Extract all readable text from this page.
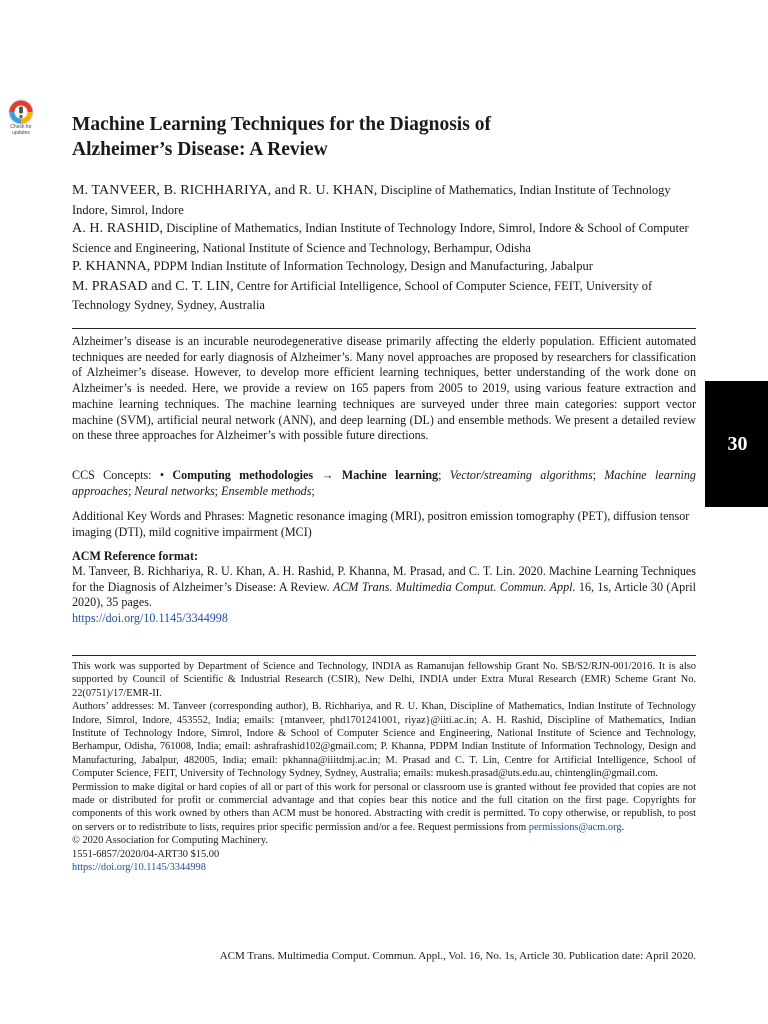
Check for
updates
30
Machine Learning Techniques for the Diagnosis of
Alzheimer’s Disease: A Review

M. TANVEER, B. RICHHARIYA, and R. U. KHAN, Discipline of Mathematics, Indian Institute of Technology Indore, Simrol, Indore

A. H. RASHID, Discipline of Mathematics, Indian Institute of Technology Indore, Simrol, Indore & School of Computer Science and Engineering, National Institute of Science and Technology, Berhampur, Odisha

P. KHANNA, PDPM Indian Institute of Information Technology, Design and Manufacturing, Jabalpur

M. PRASAD and C. T. LIN, Centre for Artificial Intelligence, School of Computer Science, FEIT, University of Technology Sydney, Sydney, Australia

Alzheimer’s disease is an incurable neurodegenerative disease primarily affecting the elderly population. Efficient automated techniques are needed for early diagnosis of Alzheimer’s. Many novel approaches are proposed by researchers for classification of Alzheimer’s disease. However, to develop more efficient learning techniques, better understanding of the work done on Alzheimer’s is needed. Here, we provide a review on 165 papers from 2005 to 2019, using various feature extraction and machine learning techniques. The machine learning techniques are surveyed under three main categories: support vector machine (SVM), artificial neural network (ANN), and deep learning (DL) and ensemble methods. We present a detailed review on these three approaches for Alzheimer’s with possible future directions.

CCS Concepts: • Computing methodologies → Machine learning; Vector/streaming algorithms; Machine learning approaches; Neural networks; Ensemble methods;

Additional Key Words and Phrases: Magnetic resonance imaging (MRI), positron emission tomography (PET), diffusion tensor imaging (DTI), mild cognitive impairment (MCI)

ACM Reference format:

M. Tanveer, B. Richhariya, R. U. Khan, A. H. Rashid, P. Khanna, M. Prasad, and C. T. Lin. 2020. Machine Learning Techniques for the Diagnosis of Alzheimer’s Disease: A Review. ACM Trans. Multimedia Comput. Commun. Appl. 16, 1s, Article 30 (April 2020), 35 pages.
https://doi.org/10.1145/3344998

This work was supported by Department of Science and Technology, INDIA as Ramanujan fellowship Grant No. SB/S2/RJN-001/2016. It is also supported by Council of Scientific & Industrial Research (CSIR), New Delhi, INDIA under Extra Mural Research (EMR) Scheme Grant No. 22(0751)/17/EMR-II.

Authors’ addresses: M. Tanveer (corresponding author), B. Richhariya, and R. U. Khan, Discipline of Mathematics, Indian Institute of Technology Indore, Simrol, Indore, 453552, India; emails: {mtanveer, phd1701241001, riyaz}@iiti.ac.in; A. H. Rashid, Discipline of Mathematics, Indian Institute of Technology Indore, Simrol, Indore & School of Computer Science and Engineering, National Institute of Science and Technology, Berhampur, Odisha, 761008, India; email: ashrafrashid102@gmail.com; P. Khanna, PDPM Indian Institute of Information Technology, Design and Manufacturing, Jabalpur, 482005, India; email: pkhanna@iiitdmj.ac.in; M. Prasad and C. T. Lin, Centre for Artificial Intelligence, School of Computer Science, FEIT, University of Technology Sydney, Sydney, Australia; emails: mukesh.prasad@uts.edu.au, chintenglin@gmail.com.

Permission to make digital or hard copies of all or part of this work for personal or classroom use is granted without fee provided that copies are not made or distributed for profit or commercial advantage and that copies bear this notice and the full citation on the first page. Copyrights for components of this work owned by others than ACM must be honored. Abstracting with credit is permitted. To copy otherwise, or republish, to post on servers or to redistribute to lists, requires prior specific permission and/or a fee. Request permissions from permissions@acm.org.

© 2020 Association for Computing Machinery.

1551-6857/2020/04-ART30 $15.00

https://doi.org/10.1145/3344998

ACM Trans. Multimedia Comput. Commun. Appl., Vol. 16, No. 1s, Article 30. Publication date: April 2020.
